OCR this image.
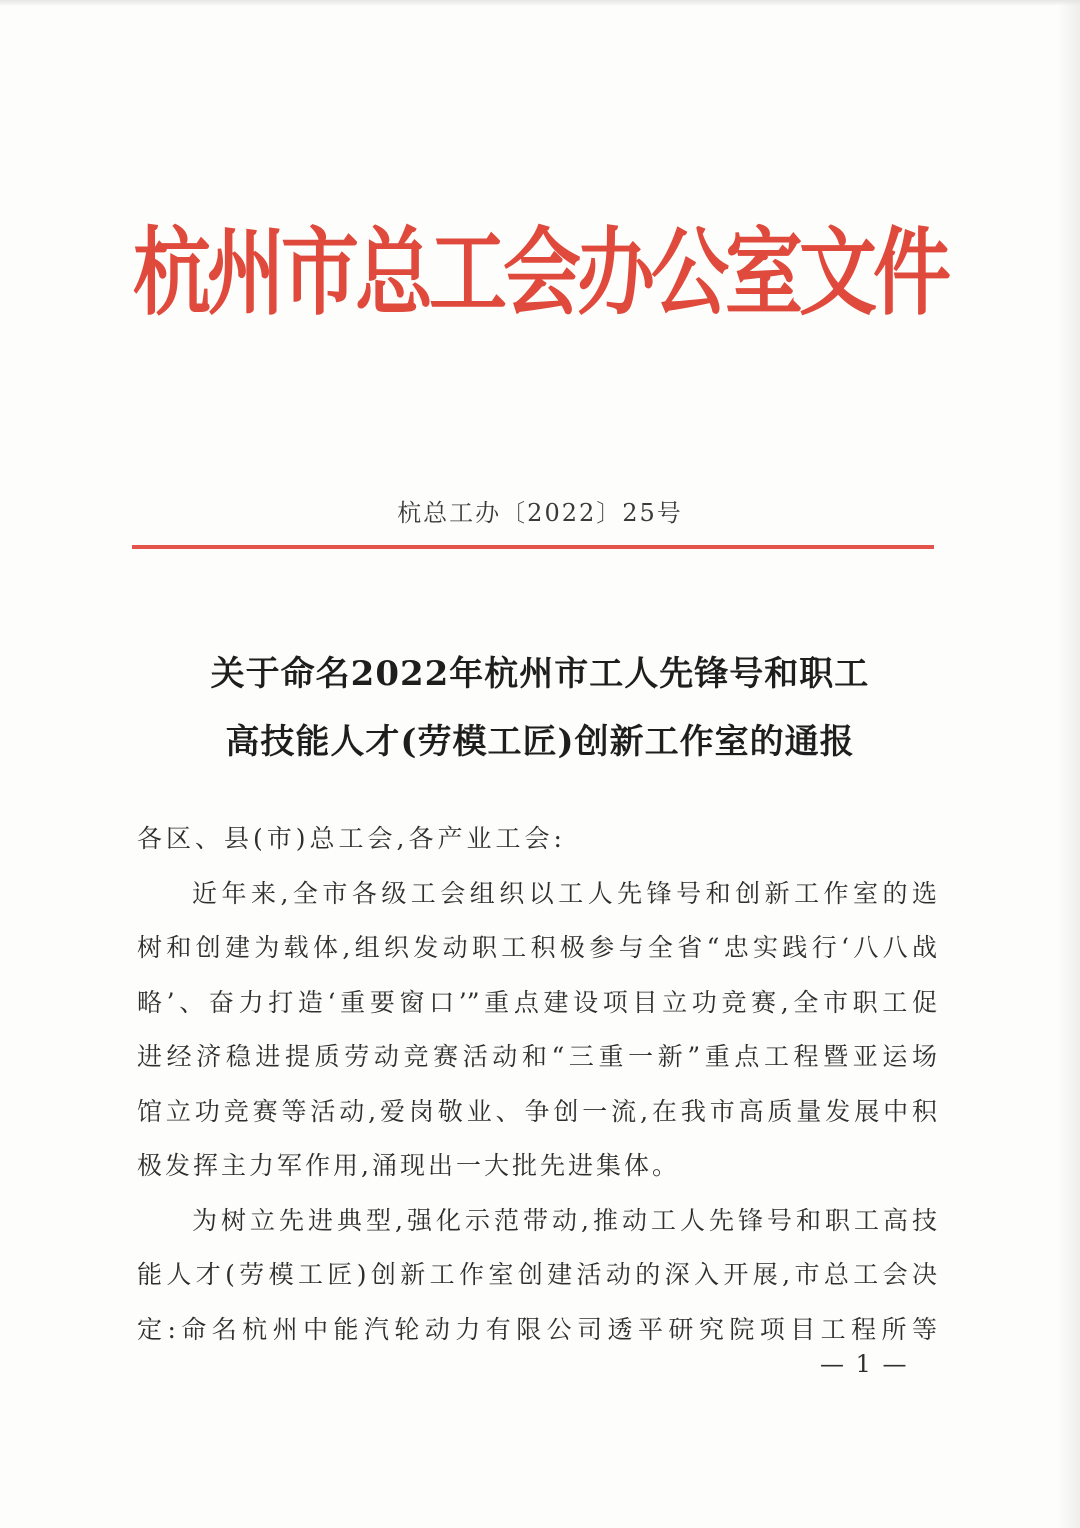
杭州市总工会办公室文件
杭总工办〔2022〕25号
关于命名2022年杭州市工人先锋号和职工
高技能人才(劳模工匠)创新工作室的通报
各区、县(市)总工会,各产业工会:
近年来,全市各级工会组织以工人先锋号和创新工作室的选
树和创建为载体,组织发动职工积极参与全省“忠实践行‘八八战
略’、奋力打造‘重要窗口’”重点建设项目立功竞赛,全市职工促
进经济稳进提质劳动竞赛活动和“三重一新”重点工程暨亚运场
馆立功竞赛等活动,爱岗敬业、争创一流,在我市高质量发展中积
极发挥主力军作用,涌现出一大批先进集体。
为树立先进典型,强化示范带动,推动工人先锋号和职工高技
能人才(劳模工匠)创新工作室创建活动的深入开展,市总工会决
定:命名杭州中能汽轮动力有限公司透平研究院项目工程所等
— 1 —
